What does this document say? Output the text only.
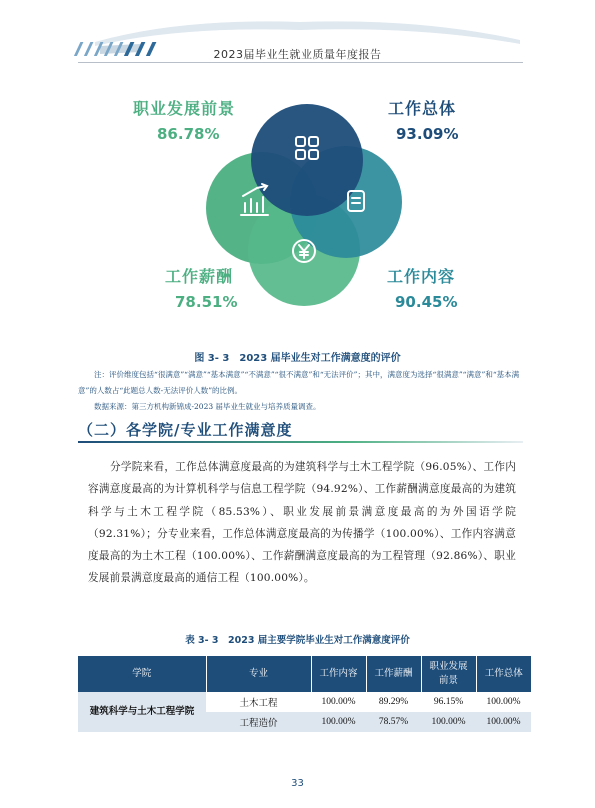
2023届毕业生就业质量年度报告
职业发展前景
86.78%
工作总体
93.09%
工作薪酬
78.51%
工作内容
90.45%
图 3- 3　2023 届毕业生对工作满意度的评价
注：评价维度包括“很满意”“满意”“基本满意”“不满意”“很不满意”和“无法评价”；其中，满意度为选择“很满意”“满意”和“基本满意”的人数占“此题总人数-无法评价人数”的比例。
数据来源：第三方机构新锦成-2023 届毕业生就业与培养质量调查。
（二）各学院/专业工作满意度

分学院来看，工作总体满意度最高的为建筑科学与土木工程学院（96.05%）、工作内容满意度最高的为计算机科学与信息工程学院（94.92%）、工作薪酬满意度最高的为建筑科学与土木工程学院（85.53%）、职业发展前景满意度最高的为外国语学院（92.31%）；分专业来看，工作总体满意度最高的为传播学（100.00%）、工作内容满意度最高的为土木工程（100.00%）、工作薪酬满意度最高的为工程管理（92.86%）、职业发展前景满意度最高的通信工程（100.00%）。

表 3- 3　2023 届主要学院毕业生对工作满意度评价
学院	专业	工作内容	工作薪酬	职业发展前景	工作总体
建筑科学与土木工程学院	土木工程	100.00%	89.29%	96.15%	100.00%
	工程造价	100.00%	78.57%	100.00%	100.00%
33
